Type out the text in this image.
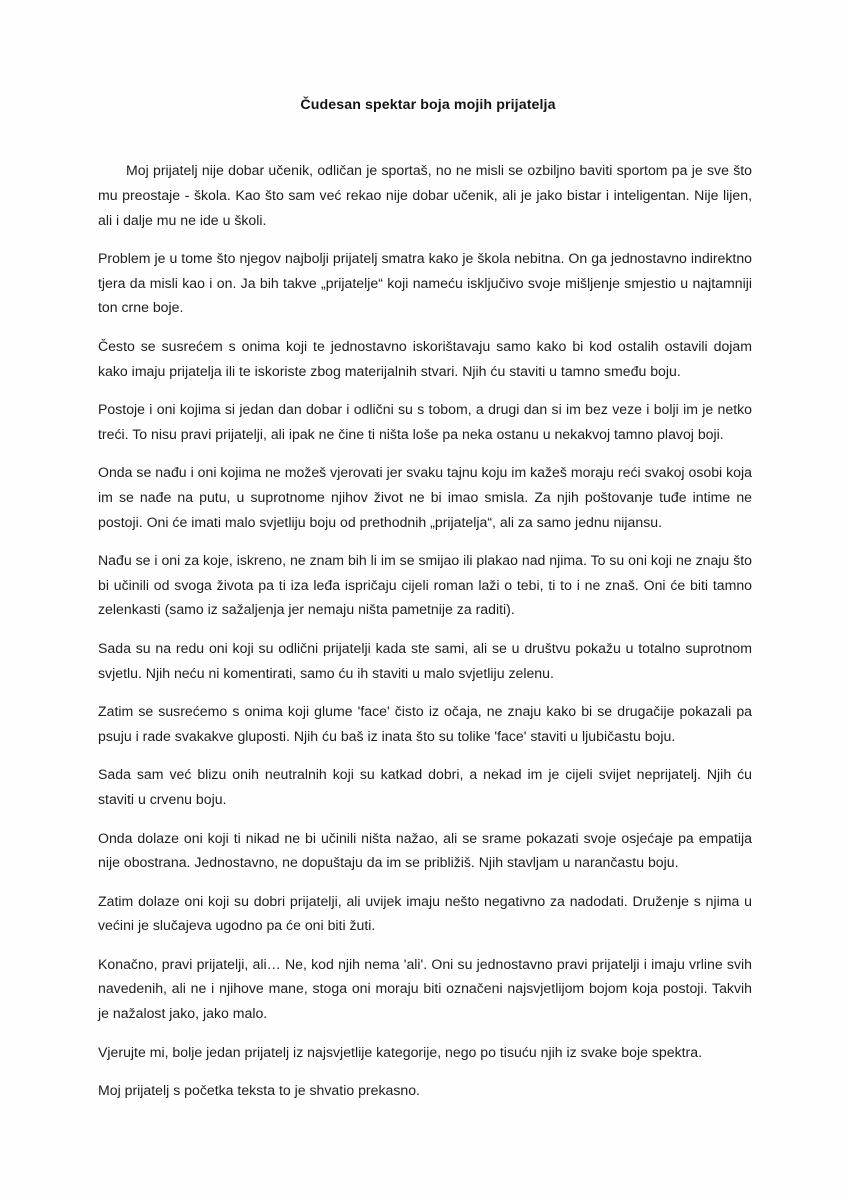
Čudesan spektar boja mojih prijatelja

Moj prijatelj nije dobar učenik, odličan je sportaš, no ne misli se ozbiljno baviti sportom pa je sve što mu preostaje - škola. Kao što sam već rekao nije dobar učenik, ali je jako bistar i inteligentan. Nije lijen, ali i dalje mu ne ide u školi.

Problem je u tome što njegov najbolji prijatelj smatra kako je škola nebitna. On ga jednostavno indirektno tjera da misli kao i on. Ja bih takve „prijatelje“ koji nameću isključivo svoje mišljenje smjestio u najtamniji ton crne boje.

Često se susrećem s onima koji te jednostavno iskorištavaju samo kako bi kod ostalih ostavili dojam kako imaju prijatelja ili te iskoriste zbog materijalnih stvari. Njih ću staviti u tamno smeđu boju.

Postoje i oni kojima si jedan dan dobar i odlični su s tobom, a drugi dan si im bez veze i bolji im je netko treći. To nisu pravi prijatelji, ali ipak ne čine ti ništa loše pa neka ostanu u nekakvoj tamno plavoj boji.

Onda se nađu i oni kojima ne možeš vjerovati jer svaku tajnu koju im kažeš moraju reći svakoj osobi koja im se nađe na putu, u suprotnome njihov život ne bi imao smisla. Za njih poštovanje tuđe intime ne postoji. Oni će imati malo svjetliju boju od prethodnih „prijatelja“, ali za samo jednu nijansu.

Nađu se i oni za koje, iskreno, ne znam bih li im se smijao ili plakao nad njima. To su oni koji ne znaju što bi učinili od svoga života pa ti iza leđa ispričaju cijeli roman laži o tebi, ti to i ne znaš. Oni će biti tamno zelenkasti (samo iz sažaljenja jer nemaju ništa pametnije za raditi).

Sada su na redu oni koji su odlični prijatelji kada ste sami, ali se u društvu pokažu u totalno suprotnom svjetlu. Njih neću ni komentirati, samo ću ih staviti u malo svjetliju zelenu.

Zatim se susrećemo s onima koji glume 'face' čisto iz očaja, ne znaju kako bi se drugačije pokazali pa psuju i rade svakakve gluposti. Njih ću baš iz inata što su tolike 'face' staviti u ljubičastu boju.

Sada sam već blizu onih neutralnih koji su katkad dobri, a nekad im je cijeli svijet neprijatelj. Njih ću staviti u crvenu boju.

Onda dolaze oni koji ti nikad ne bi učinili ništa nažao, ali se srame pokazati svoje osjećaje pa empatija nije obostrana. Jednostavno, ne dopuštaju da im se približiš. Njih stavljam u narančastu boju.

Zatim dolaze oni koji su dobri prijatelji, ali uvijek imaju nešto negativno za nadodati. Druženje s njima u većini je slučajeva ugodno pa će oni biti žuti.

Konačno, pravi prijatelji, ali… Ne, kod njih nema 'ali'. Oni su jednostavno pravi prijatelji i imaju vrline svih navedenih, ali ne i njihove mane, stoga oni moraju biti označeni najsvjetlijom bojom koja postoji. Takvih je nažalost jako, jako malo.

Vjerujte mi, bolje jedan prijatelj iz najsvjetlije kategorije, nego po tisuću njih iz svake boje spektra.

Moj prijatelj s početka teksta to je shvatio prekasno.
